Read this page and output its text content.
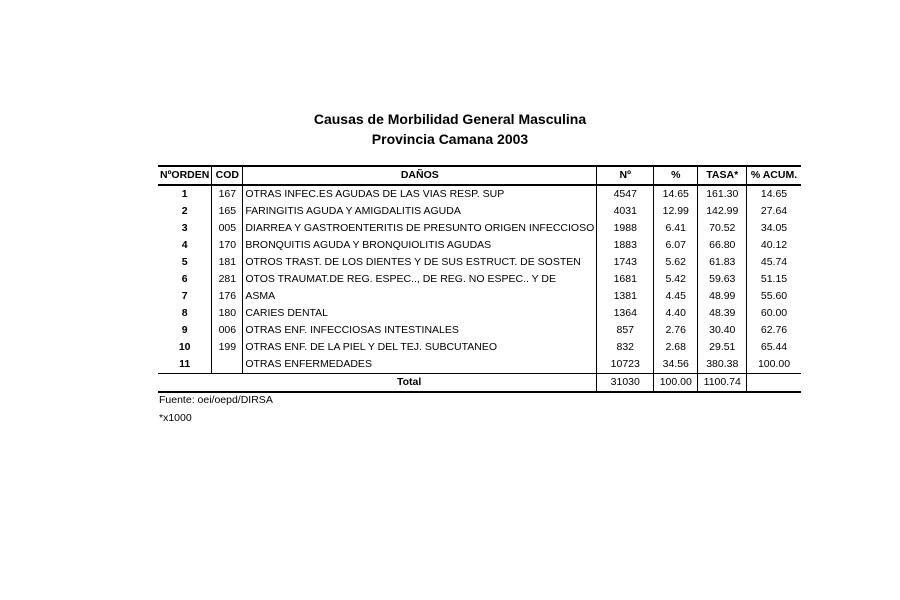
Causas de Morbilidad General Masculina
Provincia Camana 2003
NºORDEN	COD	DAÑOS	Nº	%	TASA*	% ACUM.
1	167	OTRAS INFEC.ES AGUDAS DE LAS VIAS RESP. SUP	4547	14.65	161.30	14.65
2	165	FARINGITIS AGUDA Y AMIGDALITIS AGUDA	4031	12.99	142.99	27.64
3	005	DIARREA Y GASTROENTERITIS DE PRESUNTO ORIGEN INFECCIOSO	1988	6.41	70.52	34.05
4	170	BRONQUITIS AGUDA Y BRONQUIOLITIS AGUDAS	1883	6.07	66.80	40.12
5	181	OTROS TRAST. DE LOS DIENTES Y DE SUS ESTRUCT. DE SOSTEN	1743	5.62	61.83	45.74
6	281	OTOS TRAUMAT.DE REG. ESPEC.., DE REG. NO ESPEC.. Y DE	1681	5.42	59.63	51.15
7	176	ASMA	1381	4.45	48.99	55.60
8	180	CARIES DENTAL	1364	4.40	48.39	60.00
9	006	OTRAS ENF. INFECCIOSAS INTESTINALES	857	2.76	30.40	62.76
10	199	OTRAS ENF. DE LA PIEL Y DEL TEJ. SUBCUTANEO	832	2.68	29.51	65.44
11		OTRAS ENFERMEDADES	10723	34.56	380.38	100.00
Total			31030	100.00	1100.74	
Fuente: oei/oepd/DIRSA
*x1000
